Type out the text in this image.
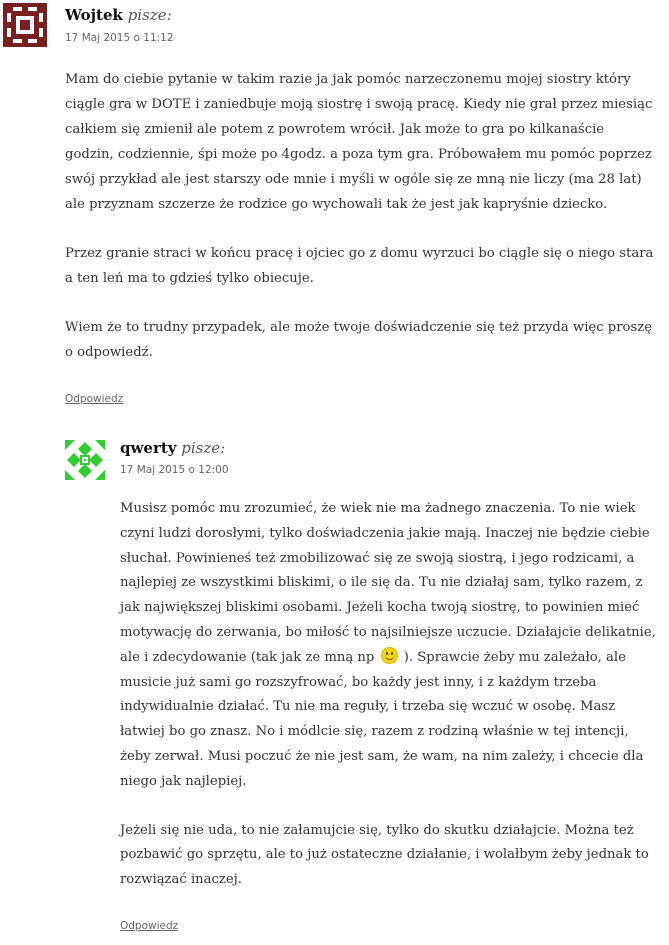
Wojtek pisze:
17 Maj 2015 o 11:12

Mam do ciebie pytanie w takim razie ja jak pomóc narzeczonemu mojej siostry który ciągle gra w DOTE i zaniedbuje moją siostrę i swoją pracę. Kiedy nie grał przez miesiąc całkiem się zmienił ale potem z powrotem wrócił. Jak może to gra po kilkanaście godzin, codziennie, śpi może po 4godz. a poza tym gra. Próbowałem mu pomóc poprzez swój przykład ale jest starszy ode mnie i myśli w ogóle się ze mną nie liczy (ma 28 lat) ale przyznam szczerze że rodzice go wychowali tak że jest jak kapryśnie dziecko.

Przez granie straci w końcu pracę i ojciec go z domu wyrzuci bo ciągle się o niego stara a ten leń ma to gdzieś tylko obiecuje.

Wiem że to trudny przypadek, ale może twoje doświadczenie się też przyda więc proszę o odpowiedź.

Odpowiedz
qwerty pisze:
17 Maj 2015 o 12:00

Musisz pomóc mu zrozumieć, że wiek nie ma żadnego znaczenia. To nie wiek czyni ludzi dorosłymi, tylko doświadczenia jakie mają. Inaczej nie będzie ciebie słuchał. Powinieneś też zmobilizować się ze swoją siostrą, i jego rodzicami, a najlepiej ze wszystkimi bliskimi, o ile się da. Tu nie działaj sam, tylko razem, z jak największej bliskimi osobami. Jeżeli kocha twoją siostrę, to powinien mieć motywację do zerwania, bo miłość to najsilniejsze uczucie. Działajcie delikatnie, ale i zdecydowanie (tak jak ze mną np ). Sprawcie żeby mu zależało, ale musicie już sami go rozszyfrować, bo każdy jest inny, i z każdym trzeba indywidualnie działać. Tu nie ma reguły, i trzeba się wczuć w osobę. Masz łatwiej bo go znasz. No i módlcie się, razem z rodziną właśnie w tej intencji, żeby zerwał. Musi poczuć że nie jest sam, że wam, na nim zależy, i chcecie dla niego jak najlepiej.

Jeżeli się nie uda, to nie załamujcie się, tylko do skutku działajcie. Można też pozbawić go sprzętu, ale to już ostateczne działanie, i wolałbym żeby jednak to rozwiązać inaczej.

Odpowiedz
